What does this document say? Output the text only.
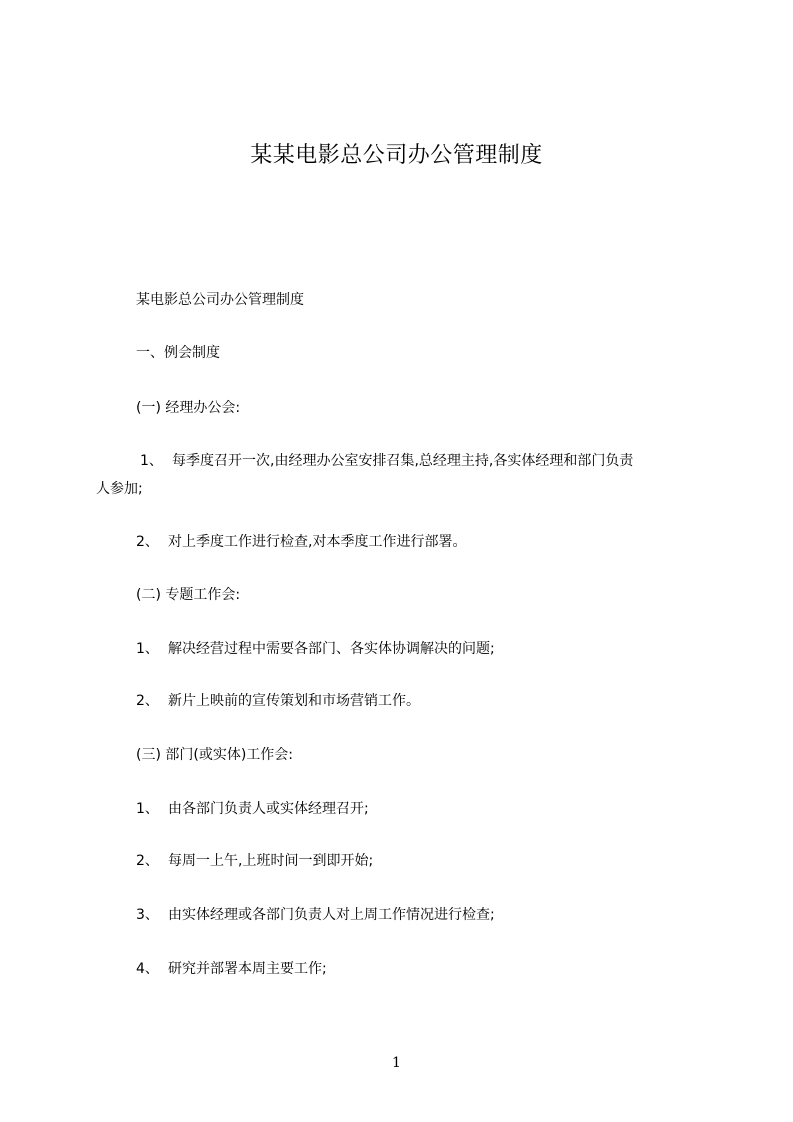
某某电影总公司办公管理制度
某电影总公司办公管理制度
一、例会制度
(一) 经理办公会:
1、 每季度召开一次,由经理办公室安排召集,总经理主持,各实体经理和部门负责
人参加;
2、 对上季度工作进行检查,对本季度工作进行部署。
(二) 专题工作会:
1、 解决经营过程中需要各部门、各实体协调解决的问题;
2、 新片上映前的宣传策划和市场营销工作。
(三) 部门(或实体)工作会:
1、 由各部门负责人或实体经理召开;
2、 每周一上午,上班时间一到即开始;
3、 由实体经理或各部门负责人对上周工作情况进行检查;
4、 研究并部署本周主要工作;
1
